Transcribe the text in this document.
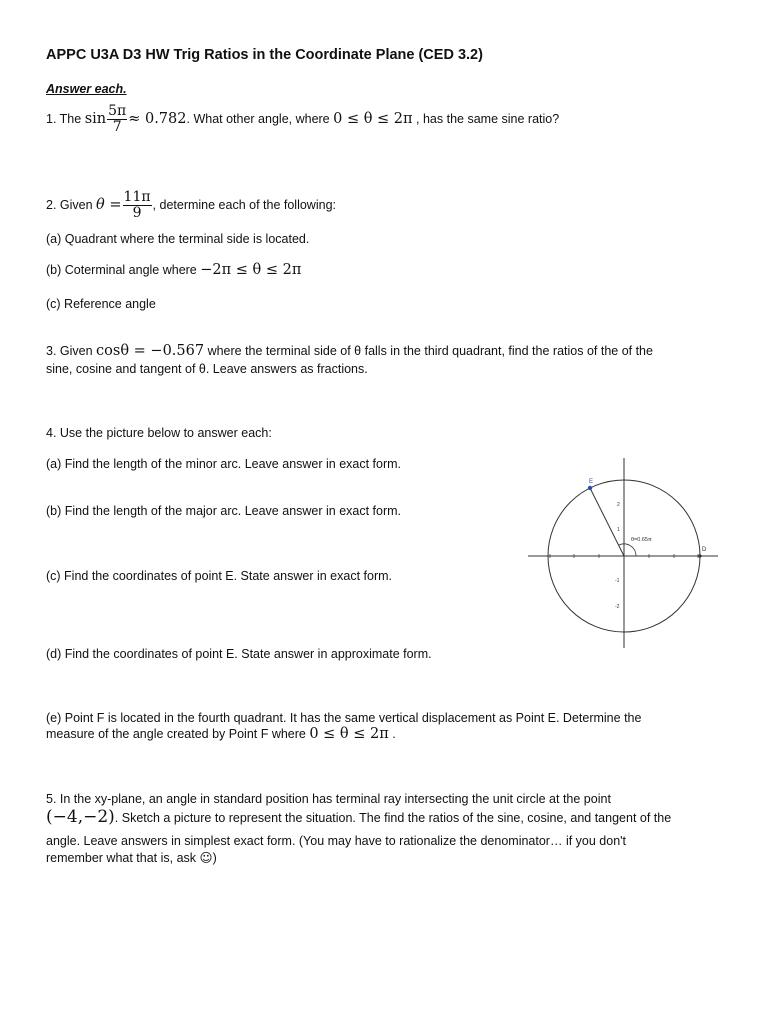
APPC U3A D3 HW Trig Ratios in the Coordinate Plane (CED 3.2)
Answer each.
1. The $\sin \frac{5\pi}{7} \approx 0.782$. What other angle, where 0 ≤ θ ≤ 2π , has the same sine ratio?
2. Given $\theta = \frac{11\pi}{9}$ , determine each of the following:
(a) Quadrant where the terminal side is located.
(b) Coterminal angle where −2π ≤ θ ≤ 2π
(c) Reference angle
3. Given cosθ = −0.567 where the terminal side of θ falls in the third quadrant, find the ratios of the of the
sine, cosine and tangent of θ. Leave answers as fractions.
4. Use the picture below to answer each:
(a) Find the length of the minor arc. Leave answer in exact form.
(b) Find the length of the major arc. Leave answer in exact form.
(c) Find the coordinates of point E. State answer in exact form.
(d) Find the coordinates of point E. State answer in approximate form.
(e) Point F is located in the fourth quadrant. It has the same vertical displacement as Point E. Determine the
measure of the angle created by Point F where 0 ≤ θ ≤ 2π .
E
D
θ=0.65π
2
1
-1
-2
5. In the xy-plane, an angle in standard position has terminal ray intersecting the unit circle at the point
(−4,−2). Sketch a picture to represent the situation. The find the ratios of the sine, cosine, and tangent of the
angle. Leave answers in simplest exact form. (You may have to rationalize the denominator… if you don't
remember what that is, ask ☺)
